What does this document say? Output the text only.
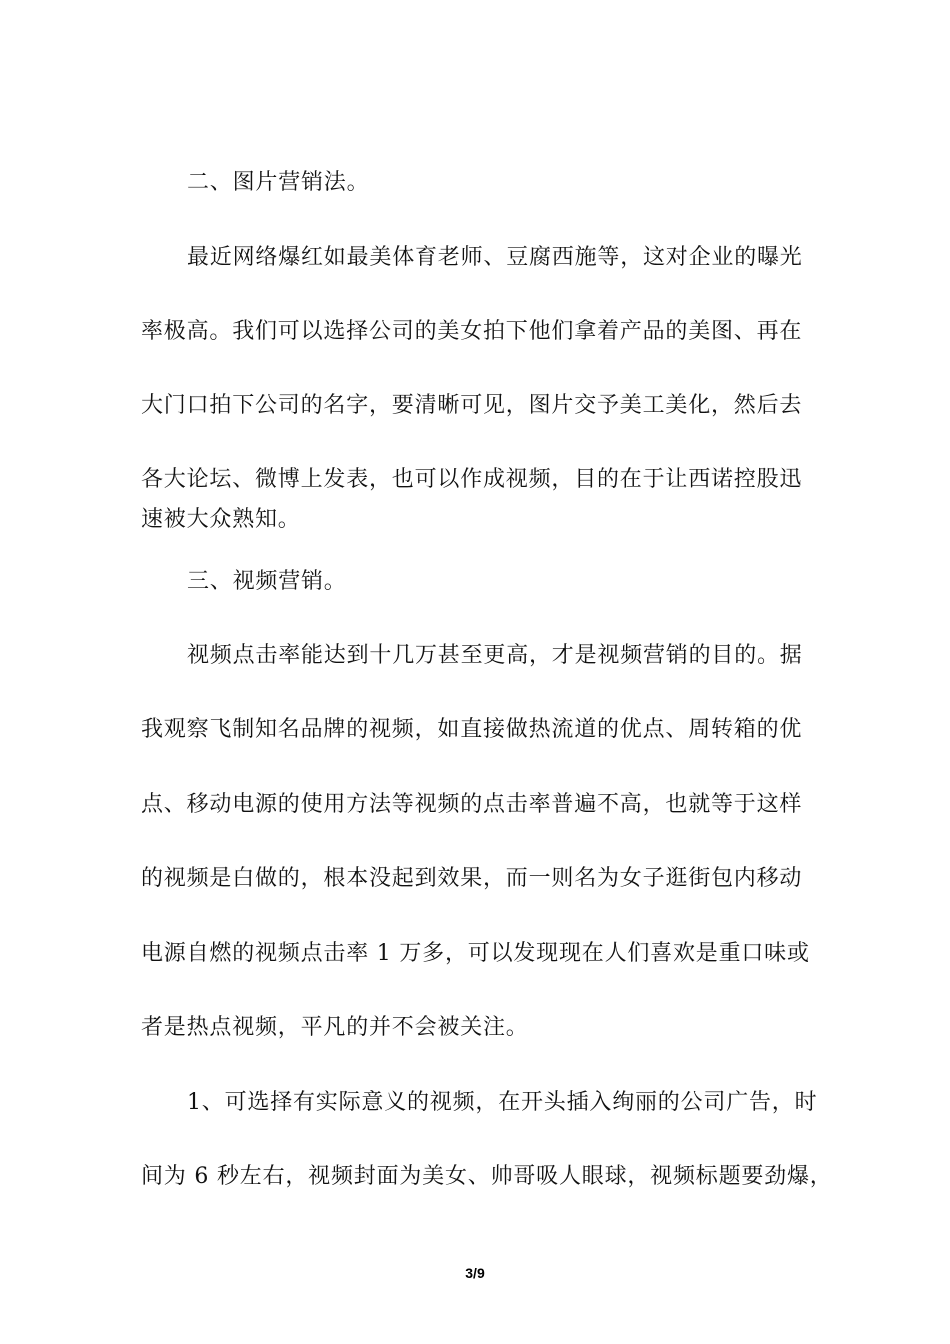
二、图片营销法。
最近网络爆红如最美体育老师、豆腐西施等，这对企业的曝光
率极高。我们可以选择公司的美女拍下他们拿着产品的美图、再在
大门口拍下公司的名字，要清晰可见，图片交予美工美化，然后去
各大论坛、微博上发表，也可以作成视频，目的在于让西诺控股迅
速被大众熟知。
三、视频营销。
视频点击率能达到十几万甚至更高，才是视频营销的目的。据
我观察飞制知名品牌的视频，如直接做热流道的优点、周转箱的优
点、移动电源的使用方法等视频的点击率普遍不高，也就等于这样
的视频是白做的，根本没起到效果，而一则名为女子逛街包内移动
电源自燃的视频点击率 1 万多，可以发现现在人们喜欢是重口味或
者是热点视频，平凡的并不会被关注。
1、可选择有实际意义的视频，在开头插入绚丽的公司广告，时
间为 6 秒左右，视频封面为美女、帅哥吸人眼球，视频标题要劲爆，
3/9
